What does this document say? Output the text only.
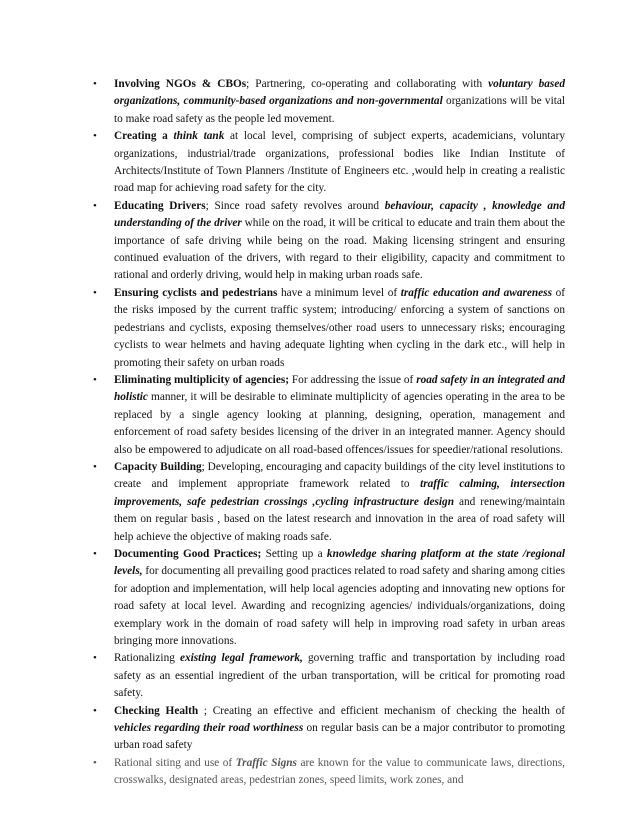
• Involving NGOs & CBOs; Partnering, co-operating and collaborating with voluntary based organizations, community-based organizations and non-governmental organizations will be vital to make road safety as the people led movement.
• Creating a think tank at local level, comprising of subject experts, academicians, voluntary organizations, industrial/trade organizations, professional bodies like Indian Institute of Architects/Institute of Town Planners /Institute of Engineers etc. ,would help in creating a realistic road map for achieving road safety for the city.
• Educating Drivers; Since road safety revolves around behaviour, capacity , knowledge and understanding of the driver while on the road, it will be critical to educate and train them about the importance of safe driving while being on the road. Making licensing stringent and ensuring continued evaluation of the drivers, with regard to their eligibility, capacity and commitment to rational and orderly driving, would help in making urban roads safe.
• Ensuring cyclists and pedestrians have a minimum level of traffic education and awareness of the risks imposed by the current traffic system; introducing/ enforcing a system of sanctions on pedestrians and cyclists, exposing themselves/other road users to unnecessary risks; encouraging cyclists to wear helmets and having adequate lighting when cycling in the dark etc., will help in promoting their safety on urban roads
• Eliminating multiplicity of agencies; For addressing the issue of road safety in an integrated and holistic manner, it will be desirable to eliminate multiplicity of agencies operating in the area to be replaced by a single agency looking at planning, designing, operation, management and enforcement of road safety besides licensing of the driver in an integrated manner. Agency should also be empowered to adjudicate on all road-based offences/issues for speedier/rational resolutions.
• Capacity Building; Developing, encouraging and capacity buildings of the city level institutions to create and implement appropriate framework related to traffic calming, intersection improvements, safe pedestrian crossings ,cycling infrastructure design and renewing/maintain them on regular basis , based on the latest research and innovation in the area of road safety will help achieve the objective of making roads safe.
• Documenting Good Practices; Setting up a knowledge sharing platform at the state /regional levels, for documenting all prevailing good practices related to road safety and sharing among cities for adoption and implementation, will help local agencies adopting and innovating new options for road safety at local level. Awarding and recognizing agencies/ individuals/organizations, doing exemplary work in the domain of road safety will help in improving road safety in urban areas bringing more innovations.
• Rationalizing existing legal framework, governing traffic and transportation by including road safety as an essential ingredient of the urban transportation, will be critical for promoting road safety.
• Checking Health ; Creating an effective and efficient mechanism of checking the health of vehicles regarding their road worthiness on regular basis can be a major contributor to promoting urban road safety
• Rational siting and use of Traffic Signs are known for the value to communicate laws, directions, crosswalks, designated areas, pedestrian zones, speed limits, work zones, and
